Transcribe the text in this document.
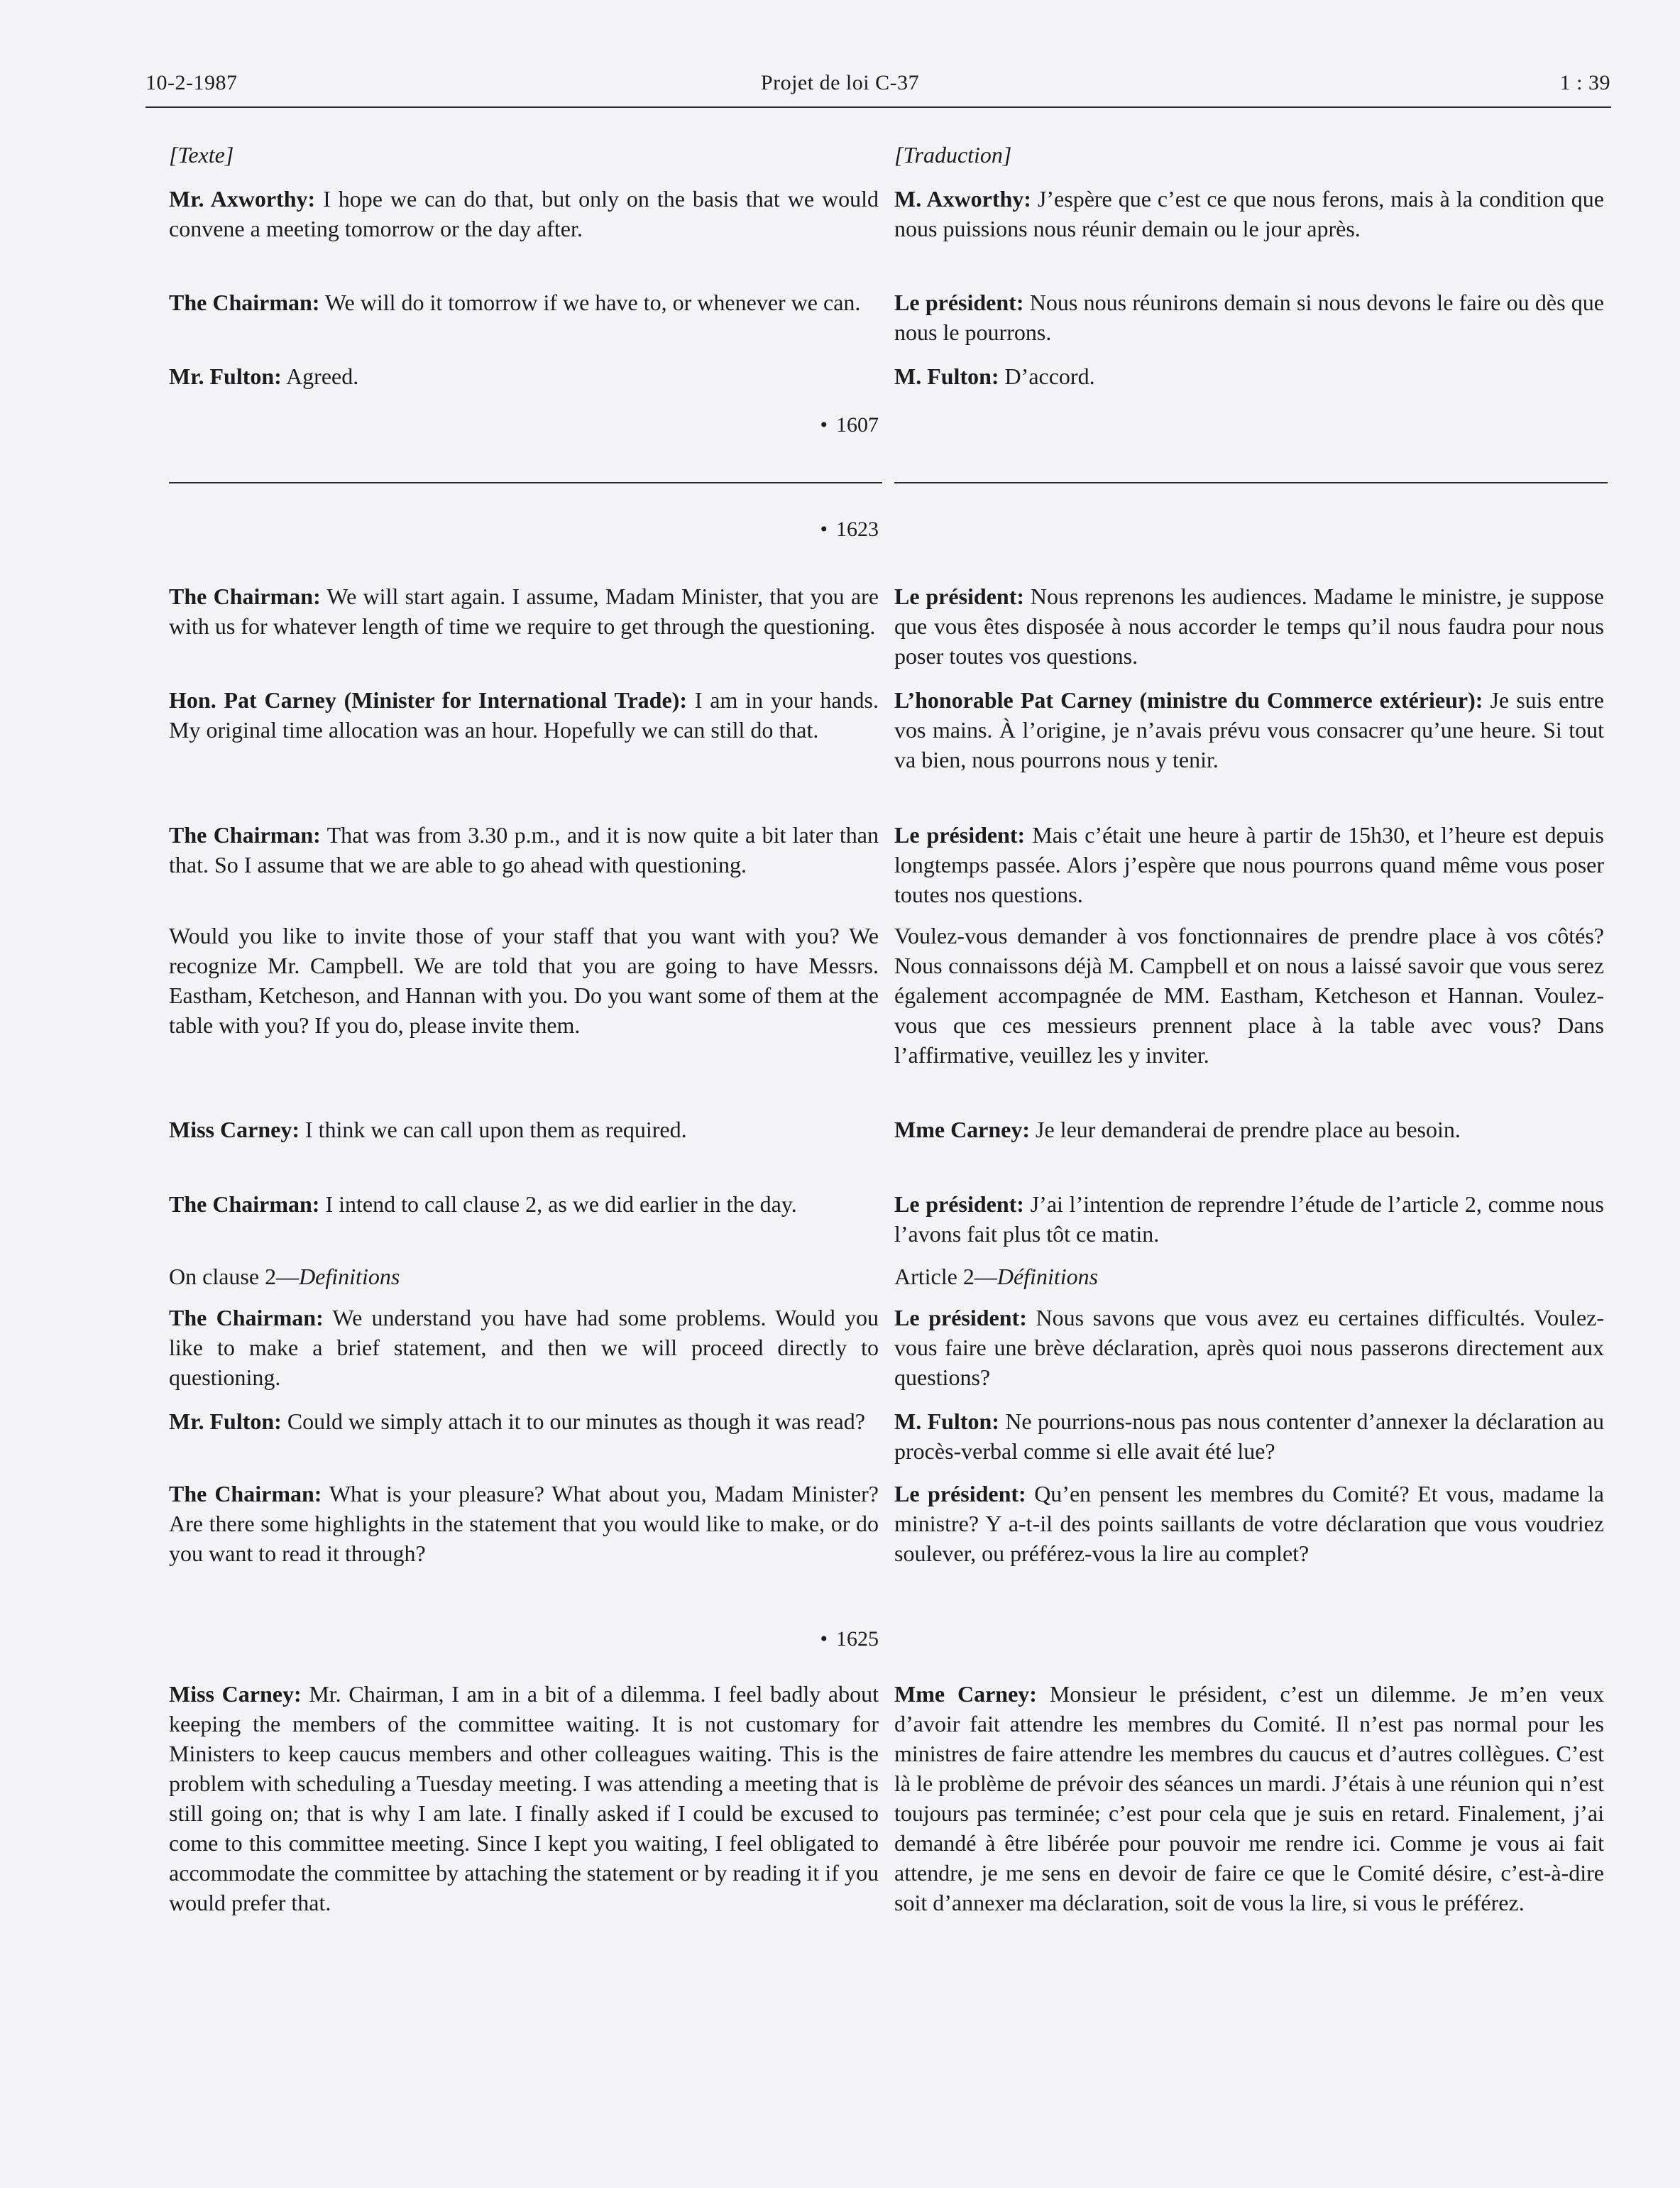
10-2-1987	Projet de loi C-37	1 : 39

[Texte]

Mr. Axworthy: I hope we can do that, but only on the basis that we would convene a meeting tomorrow or the day after.

The Chairman: We will do it tomorrow if we have to, or whenever we can.

Mr. Fulton: Agreed.

• 1607
• 1623

The Chairman: We will start again. I assume, Madam Minister, that you are with us for whatever length of time we require to get through the questioning.

Hon. Pat Carney (Minister for International Trade): I am in your hands. My original time allocation was an hour. Hopefully we can still do that.

The Chairman: That was from 3.30 p.m., and it is now quite a bit later than that. So I assume that we are able to go ahead with questioning.

Would you like to invite those of your staff that you want with you? We recognize Mr. Campbell. We are told that you are going to have Messrs. Eastham, Ketcheson, and Hannan with you. Do you want some of them at the table with you? If you do, please invite them.

Miss Carney: I think we can call upon them as required.

The Chairman: I intend to call clause 2, as we did earlier in the day.

On clause 2—Definitions

The Chairman: We understand you have had some problems. Would you like to make a brief statement, and then we will proceed directly to questioning.

Mr. Fulton: Could we simply attach it to our minutes as though it was read?

The Chairman: What is your pleasure? What about you, Madam Minister? Are there some highlights in the statement that you would like to make, or do you want to read it through?

• 1625

Miss Carney: Mr. Chairman, I am in a bit of a dilemma. I feel badly about keeping the members of the committee waiting. It is not customary for Ministers to keep caucus members and other colleagues waiting. This is the problem with scheduling a Tuesday meeting. I was attending a meeting that is still going on; that is why I am late. I finally asked if I could be excused to come to this committee meeting. Since I kept you waiting, I feel obligated to accommodate the committee by attaching the statement or by reading it if you would prefer that.

[Traduction]

M. Axworthy: J’espère que c’est ce que nous ferons, mais à la condition que nous puissions nous réunir demain ou le jour après.

Le président: Nous nous réunirons demain si nous devons le faire ou dès que nous le pourrons.

M. Fulton: D’accord.

Le président: Nous reprenons les audiences. Madame le ministre, je suppose que vous êtes disposée à nous accorder le temps qu’il nous faudra pour nous poser toutes vos questions.

L’honorable Pat Carney (ministre du Commerce extérieur): Je suis entre vos mains. À l’origine, je n’avais prévu vous consacrer qu’une heure. Si tout va bien, nous pourrons nous y tenir.

Le président: Mais c’était une heure à partir de 15h30, et l’heure est depuis longtemps passée. Alors j’espère que nous pourrons quand même vous poser toutes nos questions.

Voulez-vous demander à vos fonctionnaires de prendre place à vos côtés? Nous connaissons déjà M. Campbell et on nous a laissé savoir que vous serez également accompagnée de MM. Eastham, Ketcheson et Hannan. Voulez-vous que ces messieurs prennent place à la table avec vous? Dans l’affirmative, veuillez les y inviter.

Mme Carney: Je leur demanderai de prendre place au besoin.

Le président: J’ai l’intention de reprendre l’étude de l’article 2, comme nous l’avons fait plus tôt ce matin.

Article 2—Définitions

Le président: Nous savons que vous avez eu certaines difficultés. Voulez-vous faire une brève déclaration, après quoi nous passerons directement aux questions?

M. Fulton: Ne pourrions-nous pas nous contenter d’annexer la déclaration au procès-verbal comme si elle avait été lue?

Le président: Qu’en pensent les membres du Comité? Et vous, madame la ministre? Y a-t-il des points saillants de votre déclaration que vous voudriez soulever, ou préférez-vous la lire au complet?

Mme Carney: Monsieur le président, c’est un dilemme. Je m’en veux d’avoir fait attendre les membres du Comité. Il n’est pas normal pour les ministres de faire attendre les membres du caucus et d’autres collègues. C’est là le problème de prévoir des séances un mardi. J’étais à une réunion qui n’est toujours pas terminée; c’est pour cela que je suis en retard. Finalement, j’ai demandé à être libérée pour pouvoir me rendre ici. Comme je vous ai fait attendre, je me sens en devoir de faire ce que le Comité désire, c’est-à-dire soit d’annexer ma déclaration, soit de vous la lire, si vous le préférez.
